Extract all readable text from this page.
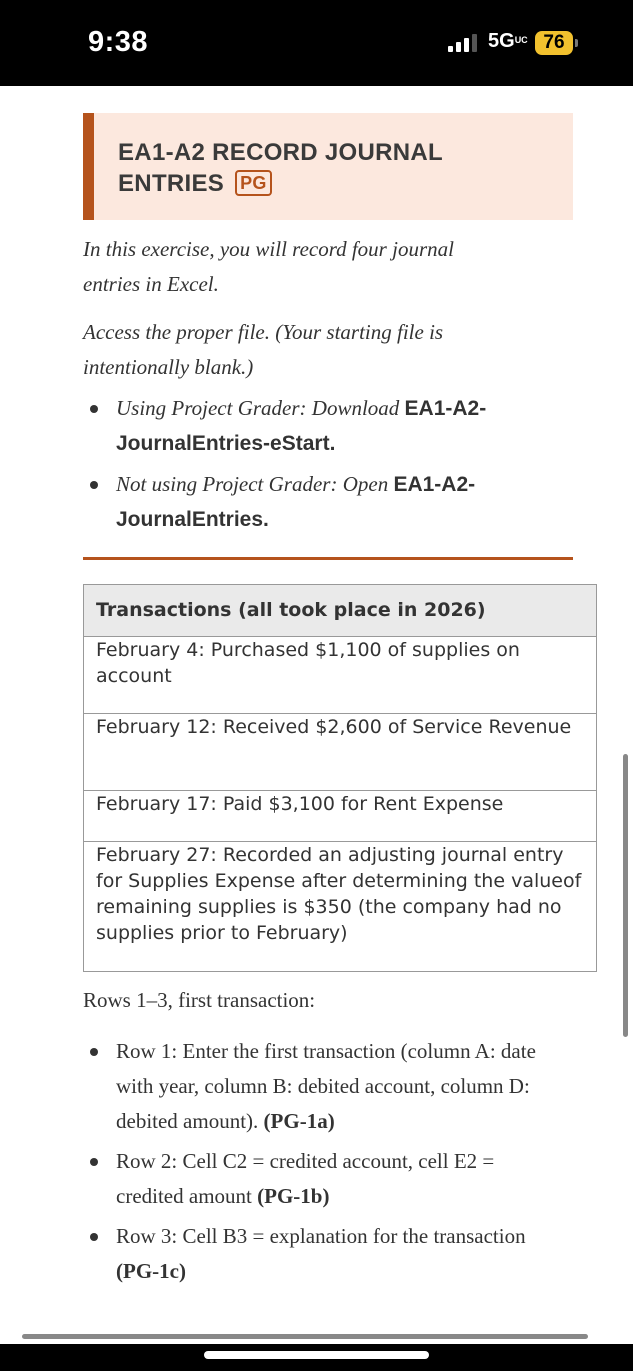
9:38	5GUC 76
EA1-A2 RECORD JOURNAL ENTRIES PG

In this exercise, you will record four journal entries in Excel.

Access the proper file. (Your starting file is intentionally blank.)

Using Project Grader: Download EA1-A2-JournalEntries-eStart.
Not using Project Grader: Open EA1-A2-JournalEntries.
Transactions (all took place in 2026)
February 4: Purchased $1,100 of supplies on account
February 12: Received $2,600 of Service Revenue
February 17: Paid $3,100 for Rent Expense
February 27: Recorded an adjusting journal entry for Supplies Expense after determining the valueof remaining supplies is $350 (the company had no supplies prior to February)

Rows 1–3, first transaction:

Row 1: Enter the first transaction (column A: date with year, column B: debited account, column D: debited amount). (PG-1a)
Row 2: Cell C2 = credited account, cell E2 = credited amount (PG-1b)
Row 3: Cell B3 = explanation for the transaction (PG-1c)
